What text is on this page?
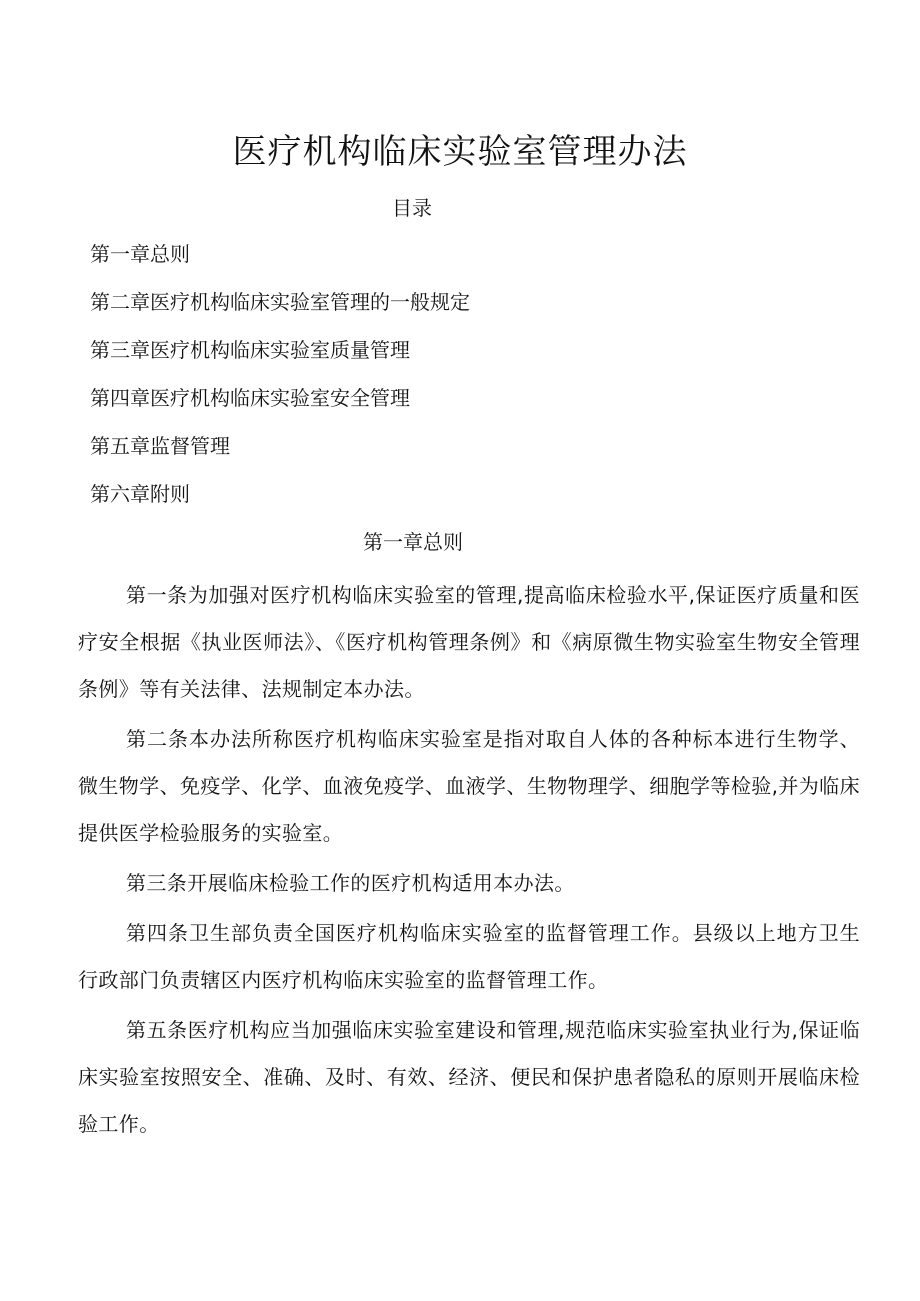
医疗机构临床实验室管理办法
目录
第一章总则
第二章医疗机构临床实验室管理的一般规定
第三章医疗机构临床实验室质量管理
第四章医疗机构临床实验室安全管理
第五章监督管理
第六章附则
第一章总则

第一条为加强对医疗机构临床实验室的管理,提高临床检验水平,保证医疗质量和医疗安全根据《执业医师法》、《医疗机构管理条例》和《病原微生物实验室生物安全管理条例》等有关法律、法规制定本办法。

第二条本办法所称医疗机构临床实验室是指对取自人体的各种标本进行生物学、微生物学、免疫学、化学、血液免疫学、血液学、生物物理学、细胞学等检验,并为临床提供医学检验服务的实验室。

第三条开展临床检验工作的医疗机构适用本办法。

第四条卫生部负责全国医疗机构临床实验室的监督管理工作。县级以上地方卫生行政部门负责辖区内医疗机构临床实验室的监督管理工作。

第五条医疗机构应当加强临床实验室建设和管理,规范临床实验室执业行为,保证临床实验室按照安全、准确、及时、有效、经济、便民和保护患者隐私的原则开展临床检验工作。
